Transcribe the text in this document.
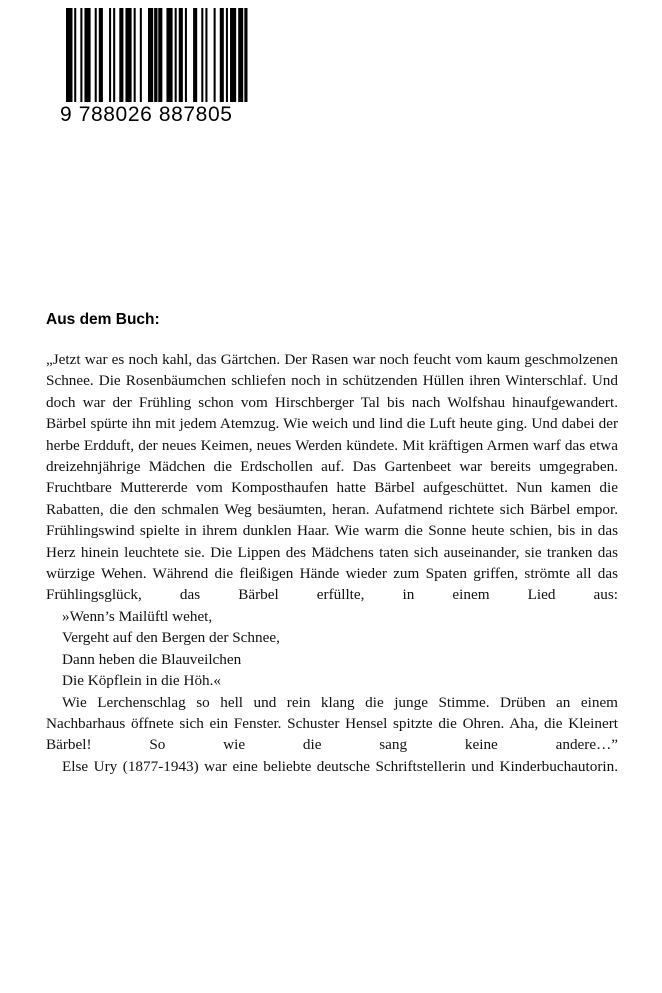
9 788026 887805
Aus dem Buch:

„Jetzt war es noch kahl, das Gärtchen. Der Rasen war noch feucht vom kaum geschmolzenen Schnee. Die Rosenbäumchen schliefen noch in schützenden Hüllen ihren Winterschlaf. Und doch war der Frühling schon vom Hirschberger Tal bis nach Wolfshau hinaufgewandert. Bärbel spürte ihn mit jedem Atemzug. Wie weich und lind die Luft heute ging. Und dabei der herbe Erdduft, der neues Keimen, neues Werden kündete. Mit kräftigen Armen warf das etwa dreizehnjährige Mädchen die Erdschollen auf. Das Gartenbeet war bereits umgegraben. Fruchtbare Muttererde vom Komposthaufen hatte Bärbel aufgeschüttet. Nun kamen die Rabatten, die den schmalen Weg besäumten, heran. Aufatmend richtete sich Bärbel empor. Frühlingswind spielte in ihrem dunklen Haar. Wie warm die Sonne heute schien, bis in das Herz hinein leuchtete sie. Die Lippen des Mädchens taten sich auseinander, sie tranken das würzige Wehen. Während die fleißigen Hände wieder zum Spaten griffen, strömte all das Frühlingsglück, das Bärbel erfüllte, in einem Lied aus:

»Wenn’s Mailüftl wehet,

Vergeht auf den Bergen der Schnee,

Dann heben die Blauveilchen

Die Köpflein in die Höh.«

Wie Lerchenschlag so hell und rein klang die junge Stimme. Drüben an einem Nachbarhaus öffnete sich ein Fenster. Schuster Hensel spitzte die Ohren. Aha, die Kleinert Bärbel! So wie die sang keine andere…”

Else Ury (1877-1943) war eine beliebte deutsche Schriftstellerin und Kinderbuchautorin.
